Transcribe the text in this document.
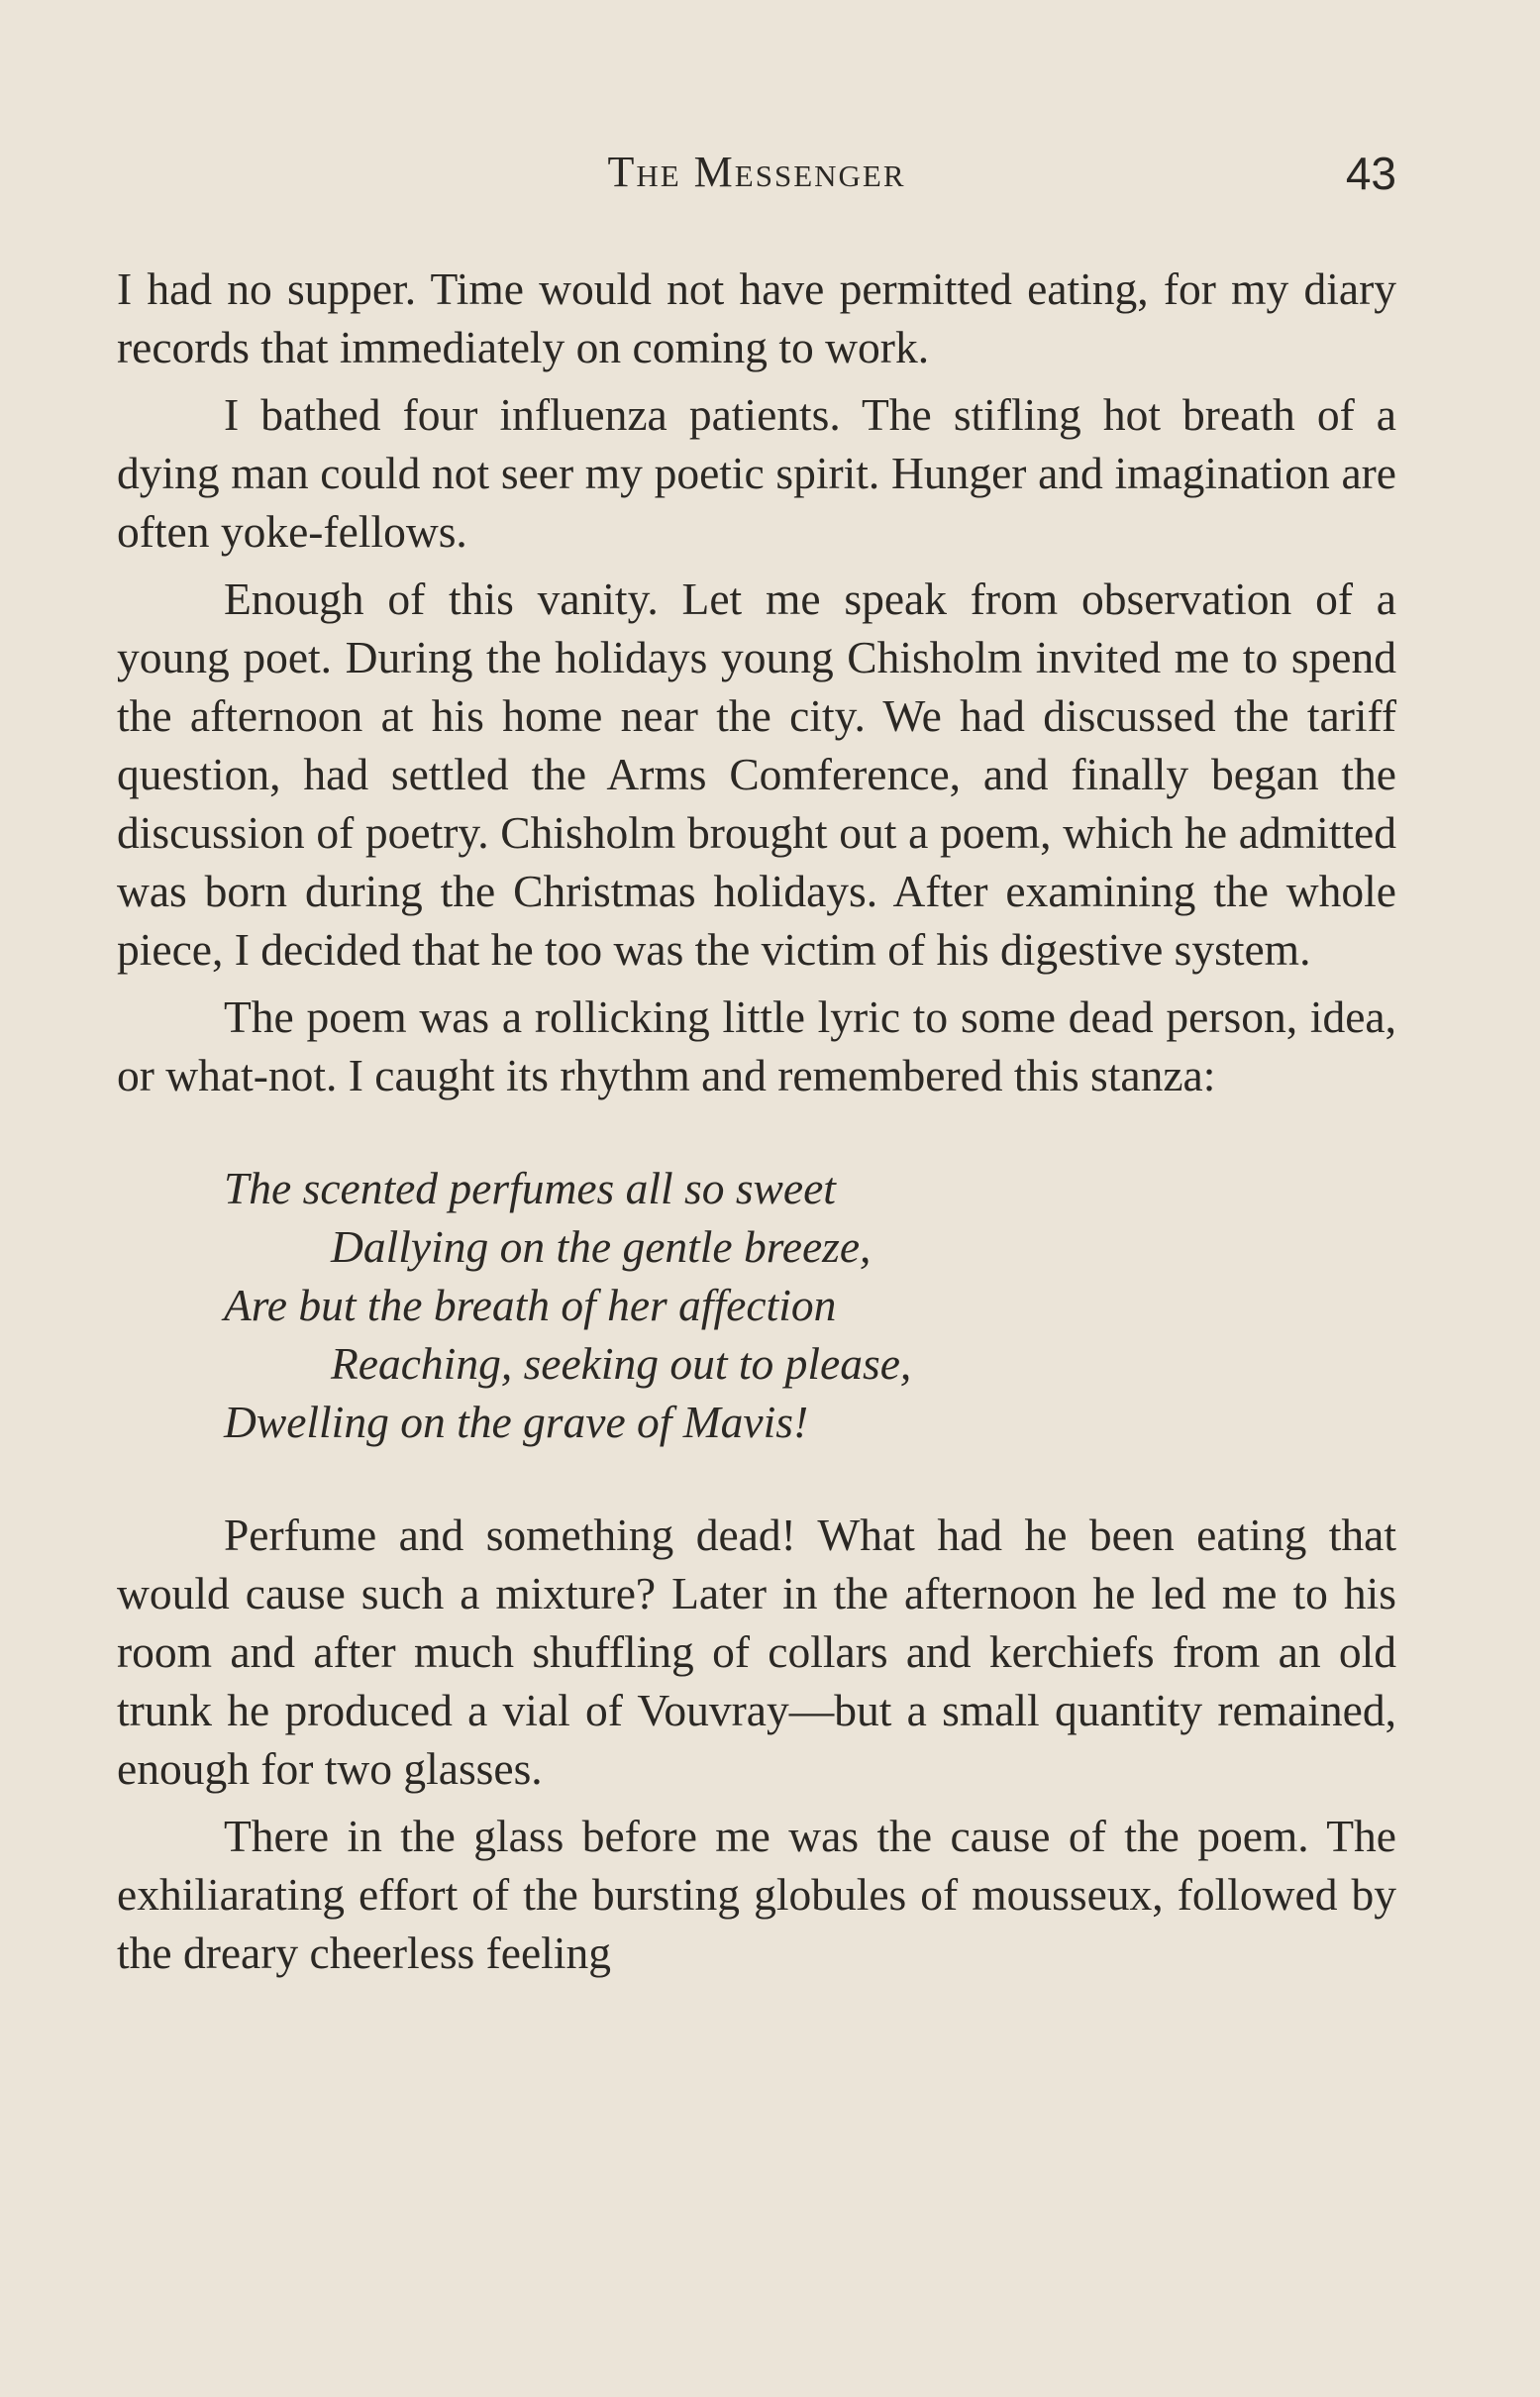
The Messenger	43

I had no supper. Time would not have permitted eating, for my diary records that immediately on coming to work.

I bathed four influenza patients. The stifling hot breath of a dying man could not seer my poetic spirit. Hunger and imagination are often yoke-fellows.

Enough of this vanity. Let me speak from observation of a young poet. During the holidays young Chisholm invited me to spend the afternoon at his home near the city. We had discussed the tariff question, had settled the Arms Comference, and finally began the discussion of poetry. Chisholm brought out a poem, which he admitted was born during the Christmas holidays. After examining the whole piece, I decided that he too was the victim of his digestive system.

The poem was a rollicking little lyric to some dead person, idea, or what-not. I caught its rhythm and remembered this stanza:

The scented perfumes all so sweet
Dallying on the gentle breeze,
Are but the breath of her affection
Reaching, seeking out to please,
Dwelling on the grave of Mavis!

Perfume and something dead! What had he been eating that would cause such a mixture? Later in the afternoon he led me to his room and after much shuffling of collars and kerchiefs from an old trunk he produced a vial of Vouvray—but a small quantity remained, enough for two glasses.

There in the glass before me was the cause of the poem. The exhiliarating effort of the bursting globules of mousseux, followed by the dreary cheerless feeling
